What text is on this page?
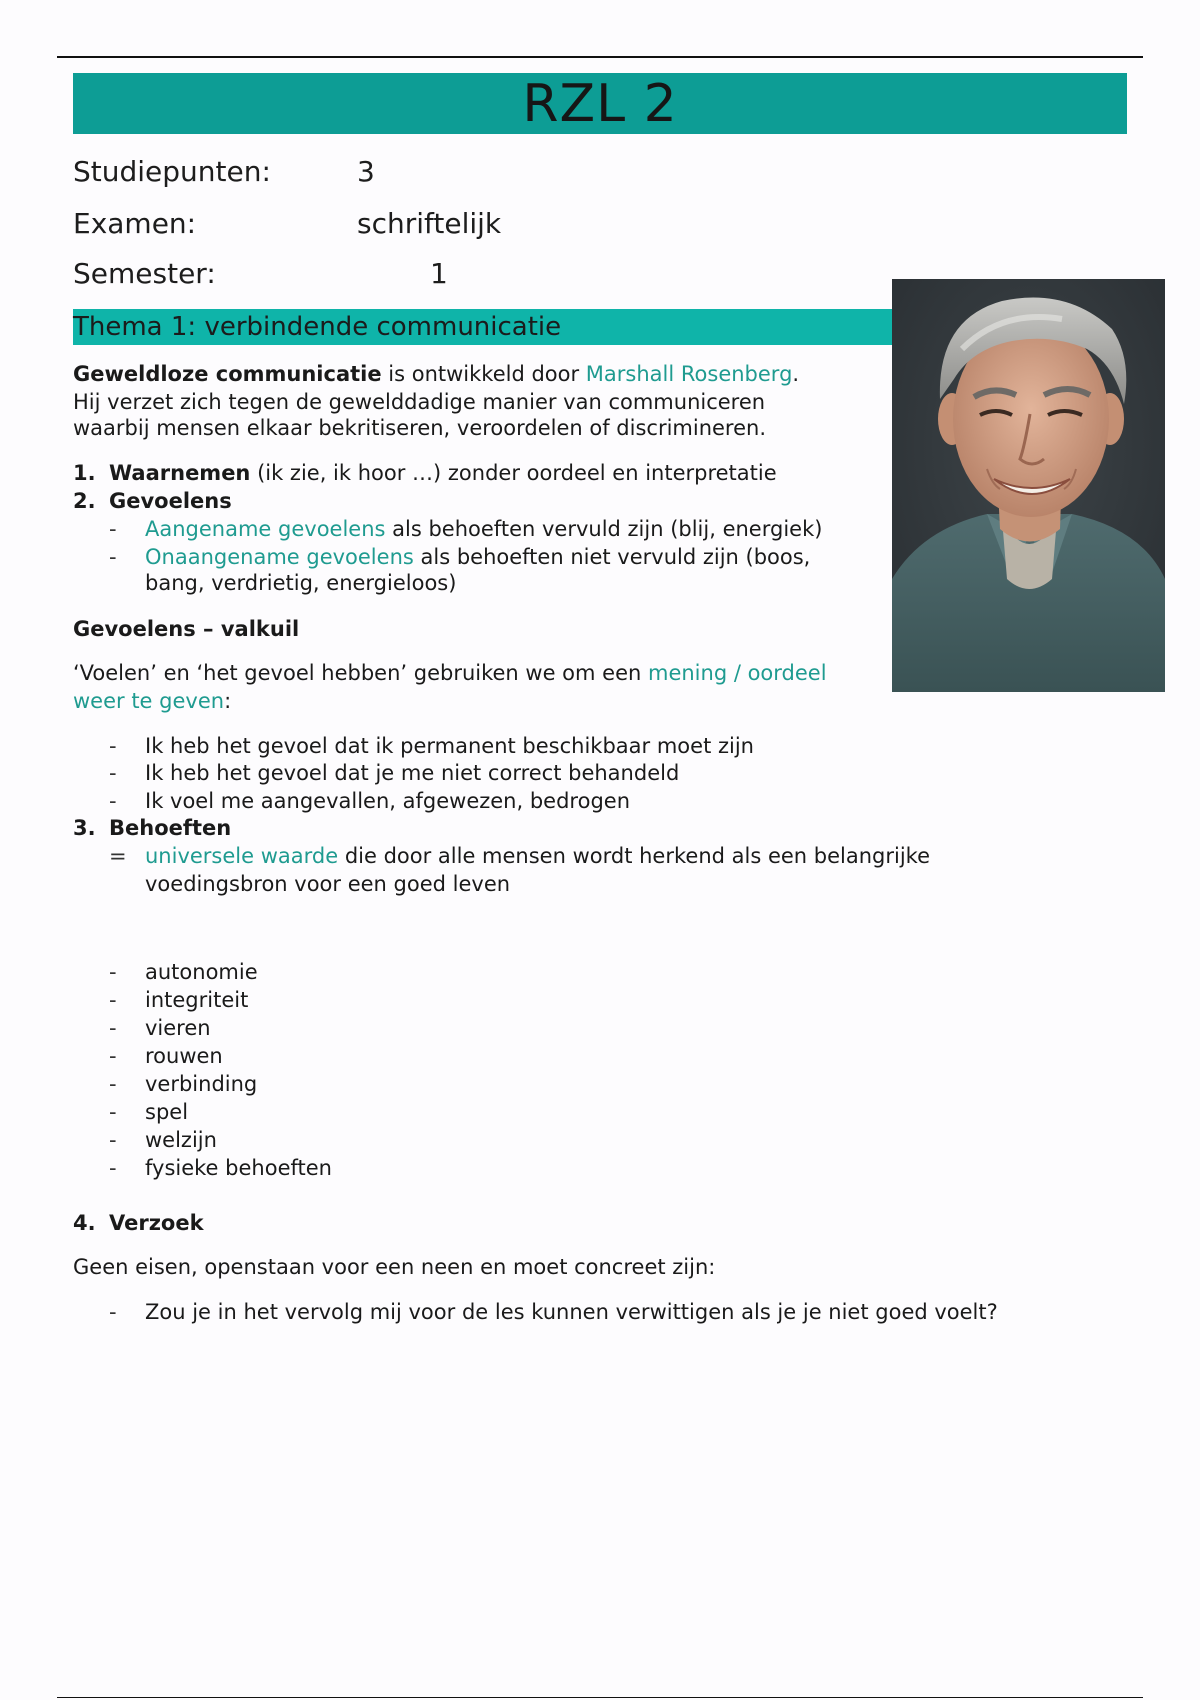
RZL 2
Studiepunten:	3
Examen:	schriftelijk
Semester:	1
Thema 1: verbindende communicatie
Geweldloze communicatie is ontwikkeld door Marshall Rosenberg.
Hij verzet zich tegen de gewelddadige manier van communiceren
waarbij mensen elkaar bekritiseren, veroordelen of discrimineren.
1. Waarnemen (ik zie, ik hoor …) zonder oordeel en interpretatie
2. Gevoelens
- Aangename gevoelens als behoeften vervuld zijn (blij, energiek)
- Onaangename gevoelens als behoeften niet vervuld zijn (boos,
bang, verdrietig, energieloos)
Gevoelens – valkuil
‘Voelen’ en ‘het gevoel hebben’ gebruiken we om een mening / oordeel
weer te geven:
- Ik heb het gevoel dat ik permanent beschikbaar moet zijn
- Ik heb het gevoel dat je me niet correct behandeld
- Ik voel me aangevallen, afgewezen, bedrogen
3. Behoeften
= universele waarde die door alle mensen wordt herkend als een belangrijke
voedingsbron voor een goed leven
- autonomie
- integriteit
- vieren
- rouwen
- verbinding
- spel
- welzijn
- fysieke behoeften
4. Verzoek
Geen eisen, openstaan voor een neen en moet concreet zijn:
- Zou je in het vervolg mij voor de les kunnen verwittigen als je je niet goed voelt?
